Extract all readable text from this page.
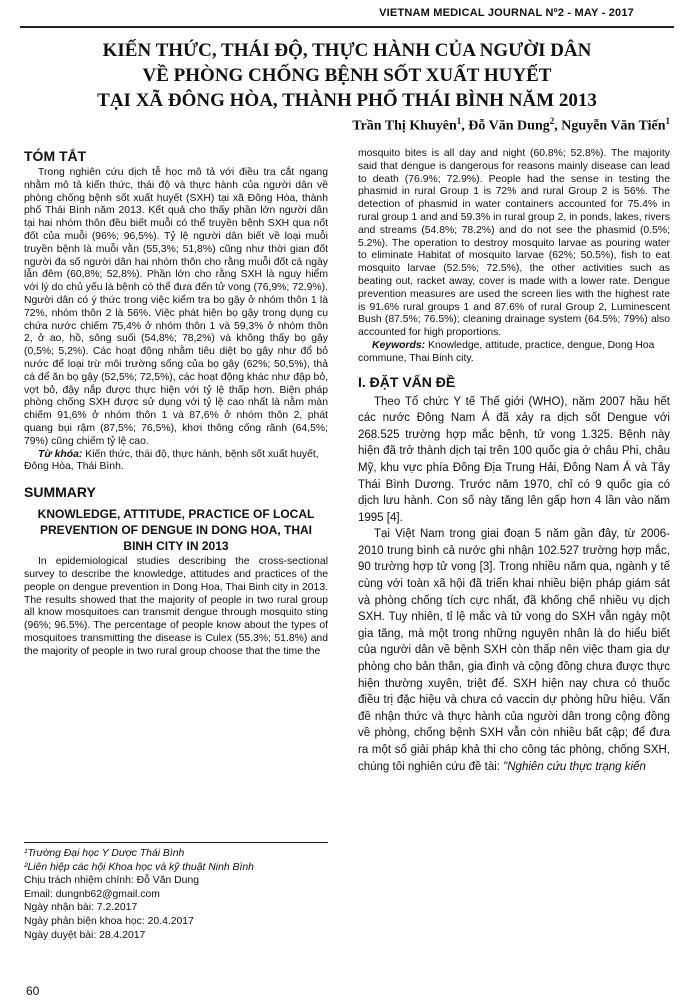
VIETNAM MEDICAL JOURNAL Nº2 - MAY - 2017
KIẾN THỨC, THÁI ĐỘ, THỰC HÀNH CỦA NGƯỜI DÂN
VỀ PHÒNG CHỐNG BỆNH SỐT XUẤT HUYẾT
TẠI XÃ ĐÔNG HÒA, THÀNH PHỐ THÁI BÌNH NĂM 2013
Trần Thị Khuyên$^1$, Đỗ Văn Dung$^2$, Nguyễn Văn Tiến$^1$
TÓM TẮT

Trong nghiên cứu dịch tễ học mô tả với điều tra cắt ngang nhằm mô tả kiến thức, thái độ và thực hành của người dân về phòng chống bệnh sốt xuất huyết (SXH) tại xã Đông Hòa, thành phố Thái Bình năm 2013. Kết quả cho thấy phần lớn người dân tại hai nhóm thôn đều biết muỗi có thể truyền bệnh SXH qua nốt đốt của muỗi (96%; 96,5%). Tỷ lệ người dân biết về loại muỗi truyền bệnh là muỗi vằn (55,3%; 51,8%) cũng như thời gian đốt người đa số người dân hai nhóm thôn cho rằng muỗi đốt cả ngày lẫn đêm (60,8%; 52,8%). Phần lớn cho rằng SXH là nguy hiểm với lý do chủ yếu là bệnh có thể đưa đến tử vong (76,9%; 72,9%). Người dân có ý thức trong việc kiểm tra bọ gậy ở nhóm thôn 1 là 72%, nhóm thôn 2 là 56%. Việc phát hiện bọ gậy trong dụng cụ chứa nước chiếm 75,4% ở nhóm thôn 1 và 59,3% ở nhóm thôn 2, ở ao, hồ, sông suối (54,8%; 78,2%) và không thấy bọ gậy (0,5%; 5,2%). Các hoạt động nhằm tiêu diệt bọ gậy như đổ bỏ nước để loại trừ môi trường sống của bọ gậy (62%; 50,5%), thả cá để ăn bọ gậy (52,5%; 72,5%), các hoạt động khác như đập bỏ, vợt bỏ, đậy nắp được thực hiện với tỷ lệ thấp hơn. Biện pháp phòng chống SXH được sử dụng với tỷ lệ cao nhất là nằm màn chiếm 91,6% ở nhóm thôn 1 và 87,6% ở nhóm thôn 2, phát quang bụi rậm (87,5%; 76,5%), khơi thông cống rãnh (64,5%; 79%) cũng chiếm tỷ lệ cao.

Từ khóa: Kiến thức, thái độ, thực hành, bệnh sốt xuất huyết, Đông Hòa, Thái Bình.

SUMMARY
KNOWLEDGE, ATTITUDE, PRACTICE OF LOCAL PREVENTION OF DENGUE IN DONG HOA, THAI BINH CITY IN 2013

In epidemiological studies describing the cross-sectional survey to describe the knowledge, attitudes and practices of the people on dengue prevention in Dong Hoa, Thai Binh city in 2013. The results showed that the majority of people in two rural group all know mosquitoes can transmit dengue through mosquito sting (96%; 96.5%). The percentage of people know about the types of mosquitoes transmitting the disease is Culex (55.3%; 51.8%) and the majority of people in two rural group choose that the time the

mosquito bites is all day and night (60.8%; 52.8%). The majority said that dengue is dangerous for reasons mainly disease can lead to death (76.9%; 72.9%). People had the sense in testing the phasmid in rural Group 1 is 72% and rural Group 2 is 56%. The detection of phasmid in water containers accounted for 75.4% in rural group 1 and and 59.3% in rural group 2, in ponds, lakes, rivers and streams (54.8%; 78.2%) and do not see the phasmid (0.5%; 5.2%). The operation to destroy mosquito larvae as pouring water to eliminate Habitat of mosquito larvae (62%; 50.5%), fish to eat mosquito larvae (52.5%; 72.5%), the other activities such as beating out, racket away, cover is made with a lower rate. Dengue prevention measures are used the screen lies with the highest rate is 91.6% rural groups 1 and 87.6% of rural Group 2, Luminescent Bush (87.5%; 76.5%); cleaning drainage system (64.5%; 79%) also accounted for high proportions.

Keywords: Knowledge, attitude, practice, dengue, Dong Hoa commune, Thai Binh city.

I. ĐẶT VẤN ĐỀ

Theo Tổ chức Y tế Thế giới (WHO), năm 2007 hầu hết các nước Đông Nam Á đã xảy ra dịch sốt Dengue với 268.525 trường hợp mắc bệnh, tử vong 1.325. Bệnh này hiện đã trở thành dịch tại trên 100 quốc gia ở châu Phi, châu Mỹ, khu vực phía Đông Địa Trung Hải, Đông Nam Á và Tây Thái Bình Dương. Trước năm 1970, chỉ có 9 quốc gia có dịch lưu hành. Con số này tăng lên gấp hơn 4 lần vào năm 1995 [4].

Tại Việt Nam trong giai đoạn 5 năm gần đây, từ 2006-2010 trung bình cả nước ghi nhận 102.527 trường hợp mắc, 90 trường hợp tử vong [3]. Trong nhiều năm qua, ngành y tế cùng với toàn xã hội đã triển khai nhiều biện pháp giám sát và phòng chống tích cực nhất, đã khống chế nhiều vụ dịch SXH. Tuy nhiên, tỉ lệ mắc và tử vong do SXH vẫn ngày một gia tăng, mà một trong những nguyên nhân là do hiểu biết của người dân về bệnh SXH còn thấp nên việc tham gia dự phòng cho bản thân, gia đình và cộng đồng chưa được thực hiện thường xuyên, triệt để. SXH hiện nay chưa có thuốc điều trị đặc hiệu và chưa có vaccin dự phòng hữu hiệu. Vấn đề nhận thức và thực hành của người dân trong cộng đồng về phòng, chống bệnh SXH vẫn còn nhiều bất cập; để đưa ra một số giải pháp khả thi cho công tác phòng, chống SXH, chúng tôi nghiên cứu đề tài: "Nghiên cứu thực trạng kiến

¹Trường Đại học Y Dược Thái Bình
²Liên hiệp các hội Khoa học và kỹ thuật Ninh Bình
Chịu trách nhiệm chính: Đỗ Văn Dung
Email: dungnb62@gmail.com
Ngày nhận bài: 7.2.2017
Ngày phản biện khoa học: 20.4.2017
Ngày duyệt bài: 28.4.2017
60
